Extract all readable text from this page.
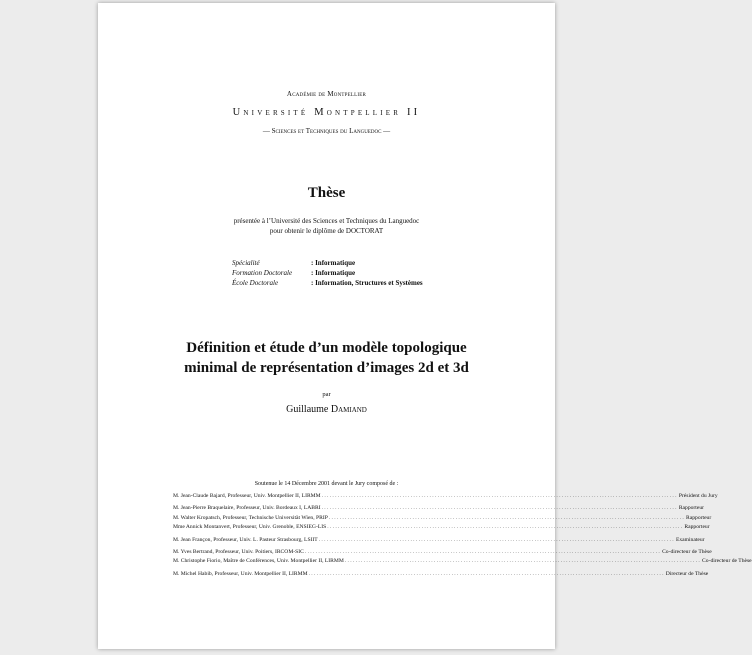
Académie de Montpellier
Université Montpellier II
— Sciences et Techniques du Languedoc —
Thèse
présentée à l’Université des Sciences et Techniques du Languedoc
pour obtenir le diplôme de DOCTORAT
Spécialité	: Informatique
Formation Doctorale	: Informatique
École Doctorale	: Information, Structures et Systèmes
Définition et étude d’un modèle topologique
minimal de représentation d’images 2d et 3d
par
Guillaume Damiand
Soutenue le 14 Décembre 2001 devant le Jury composé de :
M. Jean-Claude Bajard, Professeur, Univ. Montpellier II, LIRMM .................................................................................................................................... Président du Jury
M. Jean-Pierre Braquelaire, Professeur, Univ. Bordeaux I, LABRI .................................................................................................................................... Rapporteur
M. Walter Kropatsch, Professeur, Technische Universität Wien, PRIP .................................................................................................................................... Rapporteur
Mme Annick Montanvert, Professeur, Univ. Grenoble, ENSIEG-LIS .................................................................................................................................... Rapporteur
M. Jean Françon, Professeur, Univ. L. Pasteur Strasbourg, LSIIT .................................................................................................................................... Examinateur
M. Yves Bertrand, Professeur, Univ. Poitiers, IRCOM-SIC .................................................................................................................................... Co-directeur de Thèse
M. Christophe Fiorio, Maître de Conférences, Univ. Montpellier II, LIRMM .................................................................................................................................... Co-directeur de Thèse
M. Michel Habib, Professeur, Univ. Montpellier II, LIRMM .................................................................................................................................... Directeur de Thèse
